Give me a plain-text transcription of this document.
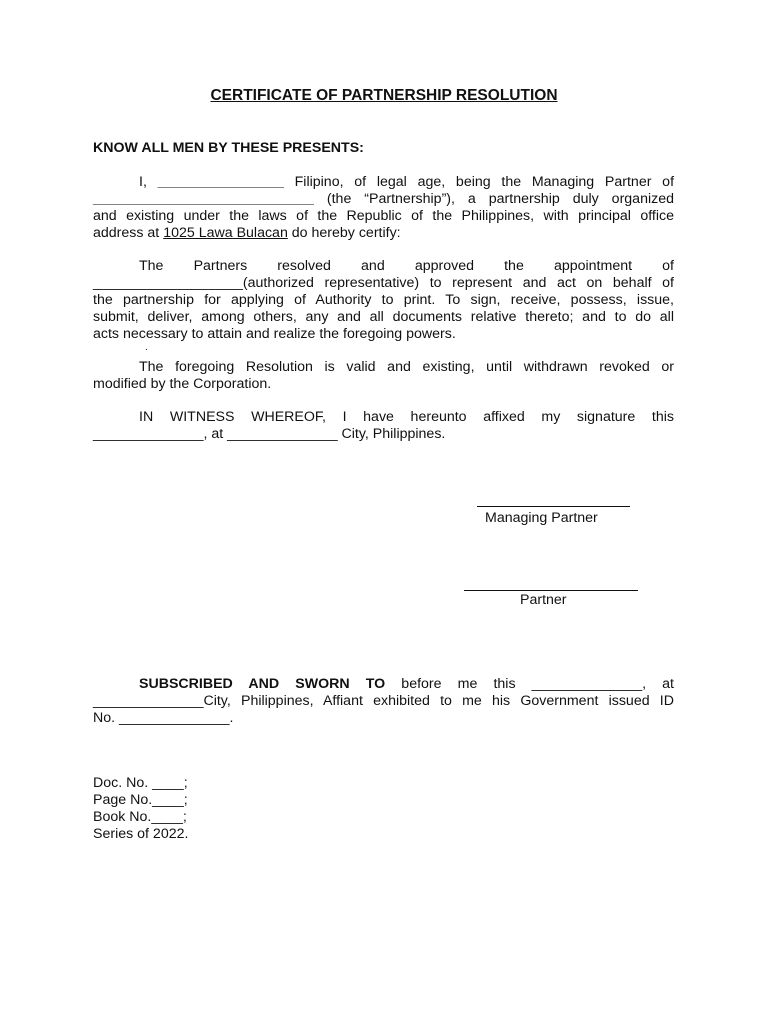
CERTIFICATE OF PARTNERSHIP RESOLUTION
KNOW ALL MEN BY THESE PRESENTS:
I, ________________ Filipino, of legal age, being the Managing Partner of
____________________________ (the “Partnership”), a partnership duly organized
and existing under the laws of the Republic of the Philippines, with principal office
address at 1025 Lawa Bulacan do hereby certify:
The Partners resolved and approved the appointment of
___________________(authorized representative) to represent and act on behalf of
the partnership for applying of Authority to print. To sign, receive, possess, issue,
submit, deliver, among others, any and all documents relative thereto; and to do all
acts necessary to attain and realize the foregoing powers.
.
The foregoing Resolution is valid and existing, until withdrawn revoked or
modified by the Corporation.
IN WITNESS WHEREOF, I have hereunto affixed my signature this
______________, at ______________ City, Philippines.
Managing Partner
Partner
SUBSCRIBED AND SWORN TO before me this ______________, at
______________City, Philippines, Affiant exhibited to me his Government issued ID
No. ______________.
Doc. No. ____;
Page No.____;
Book No.____;
Series of 2022.
